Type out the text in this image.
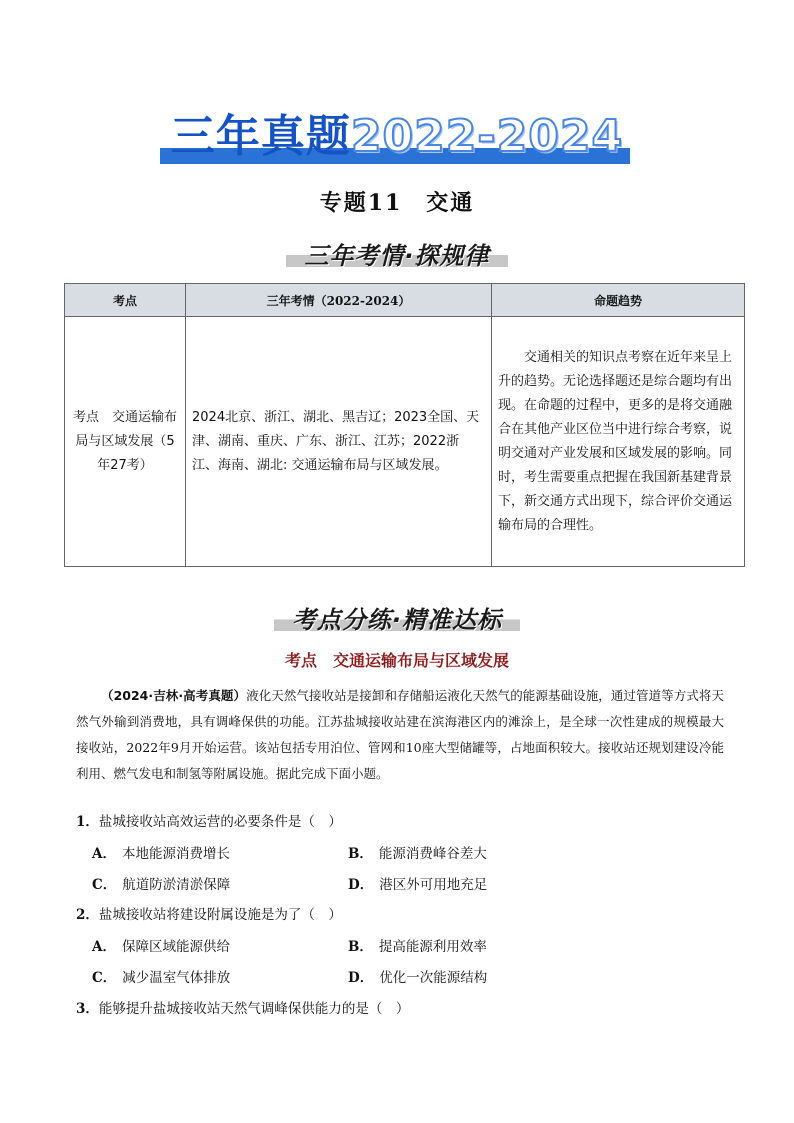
三年真题2022-2024
专题11　交通
三年考情·探规律
考点	三年考情（2022-2024）	命题趋势
考点　交通运输布局与区域发展（5年27考）	2024北京、浙江、湖北、黑吉辽；2023全国、天津、湖南、重庆、广东、浙江、江苏；2022浙江、海南、湖北: 交通运输布局与区域发展。	交通相关的知识点考察在近年来呈上升的趋势。无论选择题还是综合题均有出现。在命题的过程中，更多的是将交通融合在其他产业区位当中进行综合考察，说明交通对产业发展和区域发展的影响。同时，考生需要重点把握在我国新基建背景下，新交通方式出现下，综合评价交通运输布局的合理性。
考点分练·精准达标
考点　交通运输布局与区域发展
（2024·吉林·高考真题）液化天然气接收站是接卸和存储船运液化天然气的能源基础设施，通过管道等方式将天然气外输到消费地，具有调峰保供的功能。江苏盐城接收站建在滨海港区内的滩涂上，是全球一次性建成的规模最大接收站，2022年9月开始运营。该站包括专用泊位、管网和10座大型储罐等，占地面积较大。接收站还规划建设冷能利用、燃气发电和制氢等附属设施。据此完成下面小题。
1．盐城接收站高效运营的必要条件是（　）
A． 本地能源消费增长	B． 能源消费峰谷差大
C． 航道防淤清淤保障	D． 港区外可用地充足
2．盐城接收站将建设附属设施是为了（　）
A． 保障区域能源供给	B． 提高能源利用效率
C． 减少温室气体排放	D． 优化一次能源结构
3．能够提升盐城接收站天然气调峰保供能力的是（　）
